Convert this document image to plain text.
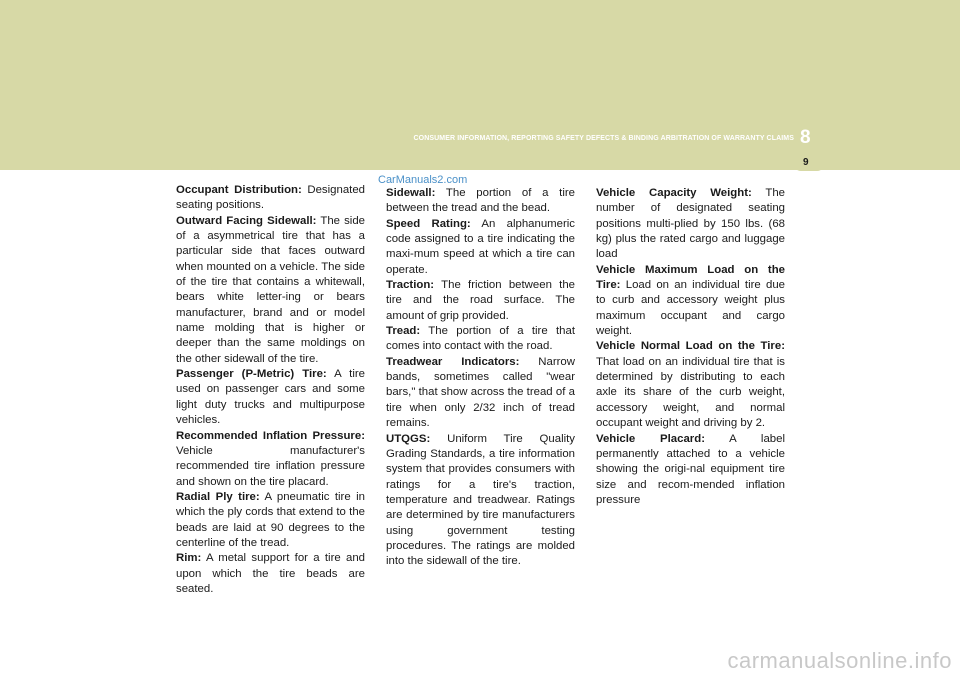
CONSUMER INFORMATION, REPORTING SAFETY DEFECTS & BINDING ARBITRATION OF WARRANTY CLAIMS 8
9
CarManuals2.com

Occupant Distribution: Designated seating positions.

Outward Facing Sidewall: The side of a asymmetrical tire that has a particular side that faces outward when mounted on a vehicle. The side of the tire that contains a whitewall, bears white letter-ing or bears manufacturer, brand and or model name molding that is higher or deeper than the same moldings on the other sidewall of the tire.

Passenger (P-Metric) Tire: A tire used on passenger cars and some light duty trucks and multipurpose vehicles.

Recommended Inflation Pressure: Vehicle manufacturer's recommended tire inflation pressure and shown on the tire placard.

Radial Ply tire: A pneumatic tire in which the ply cords that extend to the beads are laid at 90 degrees to the centerline of the tread.

Rim: A metal support for a tire and upon which the tire beads are seated.

Sidewall: The portion of a tire between the tread and the bead.

Speed Rating: An alphanumeric code assigned to a tire indicating the maxi-mum speed at which a tire can operate.

Traction: The friction between the tire and the road surface. The amount of grip provided.

Tread: The portion of a tire that comes into contact with the road.

Treadwear Indicators: Narrow bands, sometimes called "wear bars," that show across the tread of a tire when only 2/32 inch of tread remains.

UTQGS: Uniform Tire Quality Grading Standards, a tire information system that provides consumers with ratings for a tire's traction, temperature and treadwear. Ratings are determined by tire manufacturers using government testing procedures. The ratings are molded into the sidewall of the tire.

Vehicle Capacity Weight: The number of designated seating positions multi-plied by 150 lbs. (68 kg) plus the rated cargo and luggage load

Vehicle Maximum Load on the Tire: Load on an individual tire due to curb and accessory weight plus maximum occupant and cargo weight.

Vehicle Normal Load on the Tire: That load on an individual tire that is determined by distributing to each axle its share of the curb weight, accessory weight, and normal occupant weight and driving by 2.

Vehicle Placard: A label permanently attached to a vehicle showing the origi-nal equipment tire size and recom-mended inflation pressure

carmanualsonline.info
